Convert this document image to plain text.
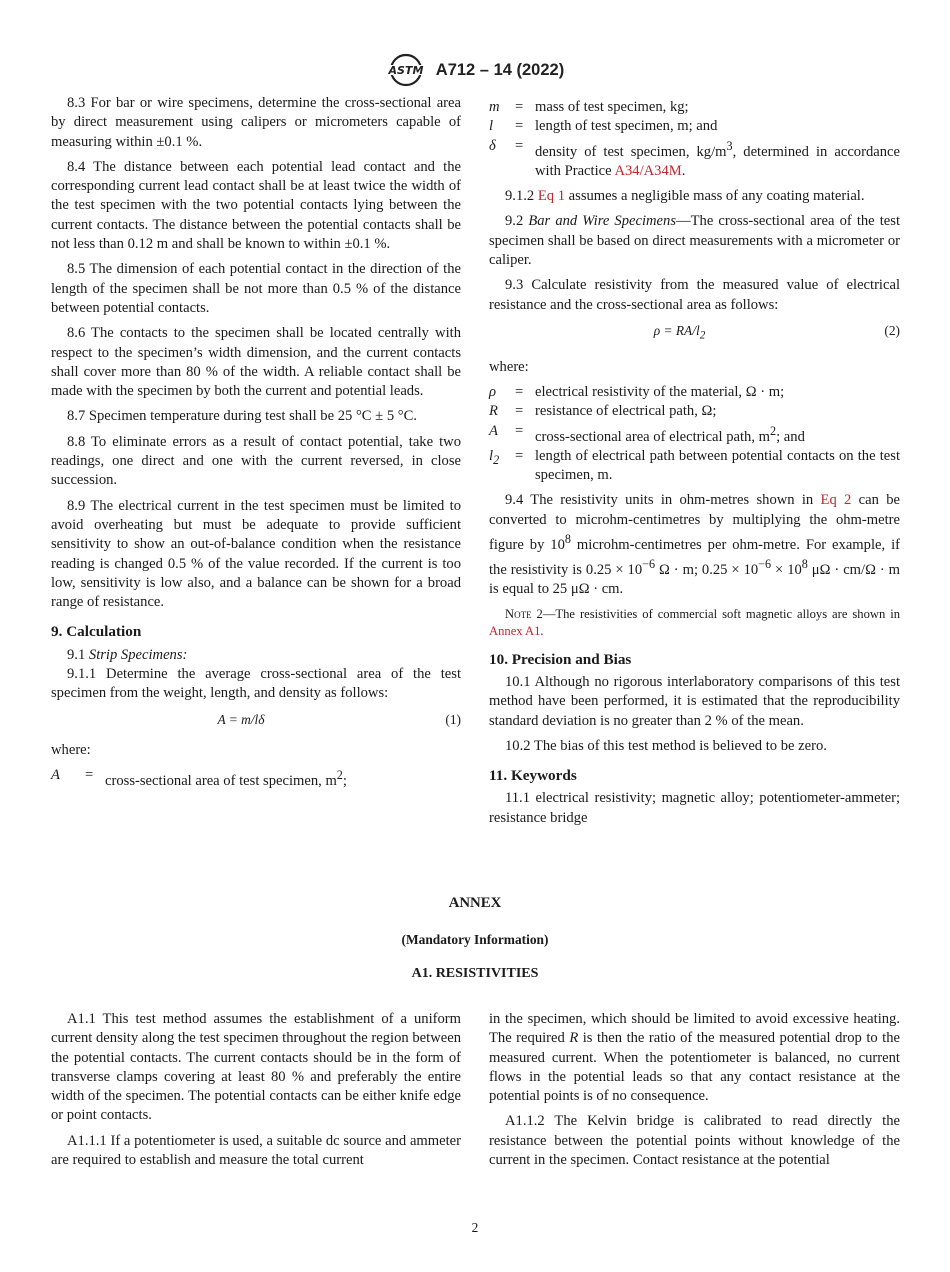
ASTM A712 – 14 (2022)

8.3 For bar or wire specimens, determine the cross-sectional area by direct measurement using calipers or micrometers capable of measuring within ±0.1 %.

8.4 The distance between each potential lead contact and the corresponding current lead contact shall be at least twice the width of the test specimen with the two potential contacts lying between the current contacts. The distance between the potential contacts shall be not less than 0.12 m and shall be known to within ±0.1 %.

8.5 The dimension of each potential contact in the direction of the length of the specimen shall be not more than 0.5 % of the distance between potential contacts.

8.6 The contacts to the specimen shall be located centrally with respect to the specimen’s width dimension, and the current contacts shall cover more than 80 % of the width. A reliable contact shall be made with the specimen by both the current and potential leads.

8.7 Specimen temperature during test shall be 25 °C ± 5 °C.

8.8 To eliminate errors as a result of contact potential, take two readings, one direct and one with the current reversed, in close succession.

8.9 The electrical current in the test specimen must be limited to avoid overheating but must be adequate to provide sufficient sensitivity to show an out-of-balance condition when the resistance reading is changed 0.5 % of the value recorded. If the current is too low, sensitivity is low also, and a balance can be shown for a broad range of resistance.

9. Calculation

9.1 Strip Specimens:

9.1.1 Determine the average cross-sectional area of the test specimen from the weight, length, and density as follows:

A = m/lδ	(1)

where:

A	= cross-sectional area of test specimen, $m^2$;
m	= mass of test specimen, kg;
l	= length of test specimen, m; and
δ	= density of test specimen, $kg/m^3$, determined in accordance with Practice A34/A34M.

9.1.2 Eq 1 assumes a negligible mass of any coating material.

9.2 Bar and Wire Specimens—The cross-sectional area of the test specimen shall be based on direct measurements with a micrometer or caliper.

9.3 Calculate resistivity from the measured value of electrical resistance and the cross-sectional area as follows:

$\rho = RA/l_2$	(2)

where:

ρ	= electrical resistivity of the material, Ω · m;
R	= resistance of electrical path, Ω;
A	= cross-sectional area of electrical path, $m^2$; and
$l_2$	= length of electrical path between potential contacts on the test specimen, m.

9.4 The resistivity units in ohm-metres shown in Eq 2 can be converted to microhm-centimetres by multiplying the ohm-metre figure by $10^8$ microhm-centimetres per ohm-metre. For example, if the resistivity is $0.25 \times 10^{-6}$ Ω · m; $0.25 \times 10^{-6} \times 10^8$ μΩ · cm/Ω · m is equal to 25 μΩ · cm.

Note 2—The resistivities of commercial soft magnetic alloys are shown in Annex A1.

10. Precision and Bias

10.1 Although no rigorous interlaboratory comparisons of this test method have been performed, it is estimated that the reproducibility standard deviation is no greater than 2 % of the mean.

10.2 The bias of this test method is believed to be zero.

11. Keywords

11.1 electrical resistivity; magnetic alloy; potentiometer-ammeter; resistance bridge

ANNEX
(Mandatory Information)
A1. RESISTIVITIES

A1.1 This test method assumes the establishment of a uniform current density along the test specimen throughout the region between the potential contacts. The current contacts should be in the form of transverse clamps covering at least 80 % and preferably the entire width of the specimen. The potential contacts can be either knife edge or point contacts.

A1.1.1 If a potentiometer is used, a suitable dc source and ammeter are required to establish and measure the total current

in the specimen, which should be limited to avoid excessive heating. The required R is then the ratio of the measured potential drop to the measured current. When the potentiometer is balanced, no current flows in the potential leads so that any contact resistance at the potential points is of no consequence.

A1.1.2 The Kelvin bridge is calibrated to read directly the resistance between the potential points without knowledge of the current in the specimen. Contact resistance at the potential

2
